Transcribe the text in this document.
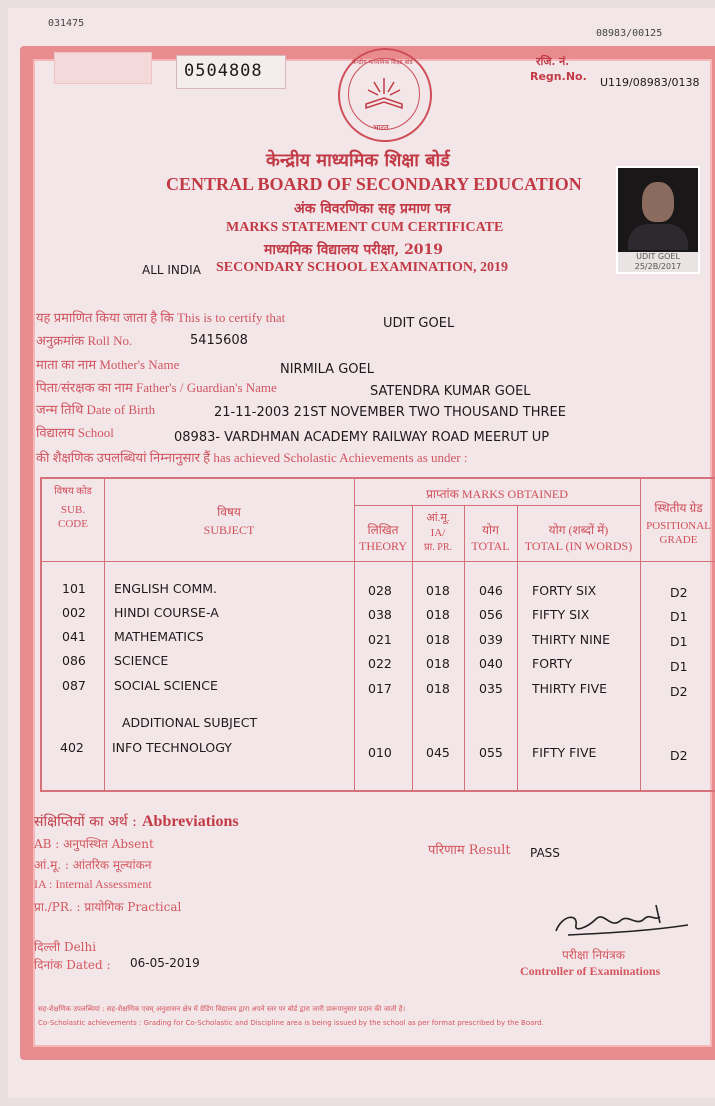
031475
08983/00125
0504808	केन्द्रीय माध्यमिक शिक्षा बोर्ड
भारत
रजि. नं.
Regn.No. U119/08983/0138
केन्द्रीय माध्यमिक शिक्षा बोर्ड
CENTRAL BOARD OF SECONDARY EDUCATION
अंक विवरणिका सह प्रमाण पत्र
MARKS STATEMENT CUM CERTIFICATE
माध्यमिक विद्यालय परीक्षा, 2019
ALL INDIA SECONDARY SCHOOL EXAMINATION, 2019
UDIT GOEL 25/2B/2017
यह प्रमाणित किया जाता है कि This is to certify that	UDIT GOEL
अनुक्रमांक Roll No.	5415608
माता का नाम Mother's Name	NIRMILA GOEL
पिता/संरक्षक का नाम Father's / Guardian's Name	SATENDRA KUMAR GOEL
जन्म तिथि Date of Birth	21-11-2003 21ST NOVEMBER TWO THOUSAND THREE
विद्यालय School	08983- VARDHMAN ACADEMY RAILWAY ROAD MEERUT UP
की शैक्षणिक उपलब्धियां निम्नानुसार हैं has achieved Scholastic Achievements as under :
विषय कोड
SUB. CODE
विषय
SUBJECT
प्राप्तांक MARKS OBTAINED
लिखित
THEORY
आं.मू.
IA/
प्रा. PR.
योग
TOTAL
योग (शब्दों में)
TOTAL (IN WORDS)
स्थितीय ग्रेड
POSITIONAL GRADE
101 ENGLISH COMM.	028	018 046 FORTY SIX	D2
002 HINDI COURSE-A	038	018 056 FIFTY SIX	D1
041 MATHEMATICS	021	018 039 THIRTY NINE	D1
086 SCIENCE	022	018 040 FORTY	D1
087 SOCIAL SCIENCE	017	018 035 THIRTY FIVE	D2
ADDITIONAL SUBJECT
402 INFO TECHNOLOGY	010	045 055 FIFTY FIVE	D2
संक्षिप्तियों का अर्थ : Abbreviations
AB : अनुपस्थित Absent
आं.मू. : आंतरिक मूल्यांकन
IA : Internal Assessment
प्रा./PR. : प्रायोगिक Practical
परिणाम Result PASS
दिल्ली Delhi
दिनांक Dated : 06-05-2019
परीक्षा नियंत्रक
Controller of Examinations
सह-शैक्षणिक उपलब्धियां : सह-शैक्षणिक एवम् अनुशासन क्षेत्र में ग्रेडिंग विद्यालय द्वारा अपने स्तर पर बोर्ड द्वारा जारी प्रारूपानुसार प्रदान की जाती है।
Co-Scholastic achievements : Grading for Co-Scholastic and Discipline area is being issued by the school as per format prescribed by the Board.
